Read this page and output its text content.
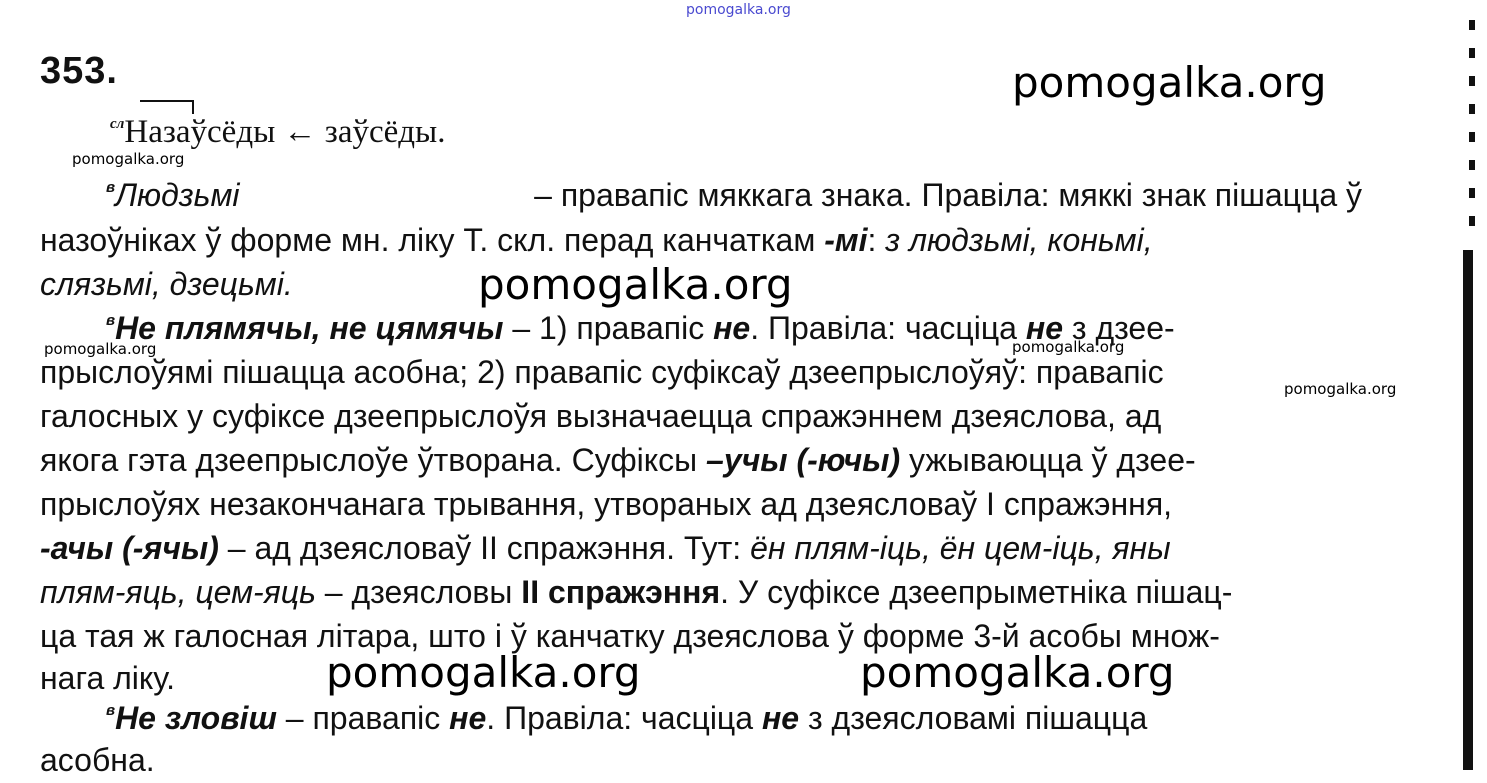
pomogalka.org
pomogalka.org
pomogalka.org
pomogalka.org
pomogalka.org	pomogalka.org
pomogalka.org
pomogalka.org	pomogalka.org
353.
$^{сл}$Назаўсёды ← заўсёды.
$^в$Людзьмі	– правапіс мяккага знака. Правіла: мяккі знак пішацца ў
назоўніках ў форме мн. ліку Т. скл. перад канчаткам -мі: з людзьмі, коньмі,
слязьмі, дзецьмі.
$^в$Не плямячы, не цямячы – 1) правапіс не. Правіла: часціца не з дзее-
прыслоўямі пішацца асобна; 2) правапіс суфіксаў дзеепрыслоўяў: правапіс
галосных у суфіксе дзеепрыслоўя вызначаецца спражэннем дзеяслова, ад
якога гэта дзеепрыслоўе ўтворана. Суфіксы –учы (-ючы) ужываюцца ў дзее-
прыслоўях незакончанага трывання, утвораных ад дзеясловаў І спражэння,
-ачы (-ячы) – ад дзеясловаў ІІ спражэння. Тут: ён плям-іць, ён цем-іць, яны
плям-яць, цем-яць – дзеясловы ІІ спражэння. У суфіксе дзеепрыметніка пішац-
ца тая ж галосная літара, што і ў канчатку дзеяслова ў форме 3-й асобы множ-
нага ліку.
$^в$Не зловіш – правапіс не. Правіла: часціца не з дзеясловамі пішацца
асобна.
